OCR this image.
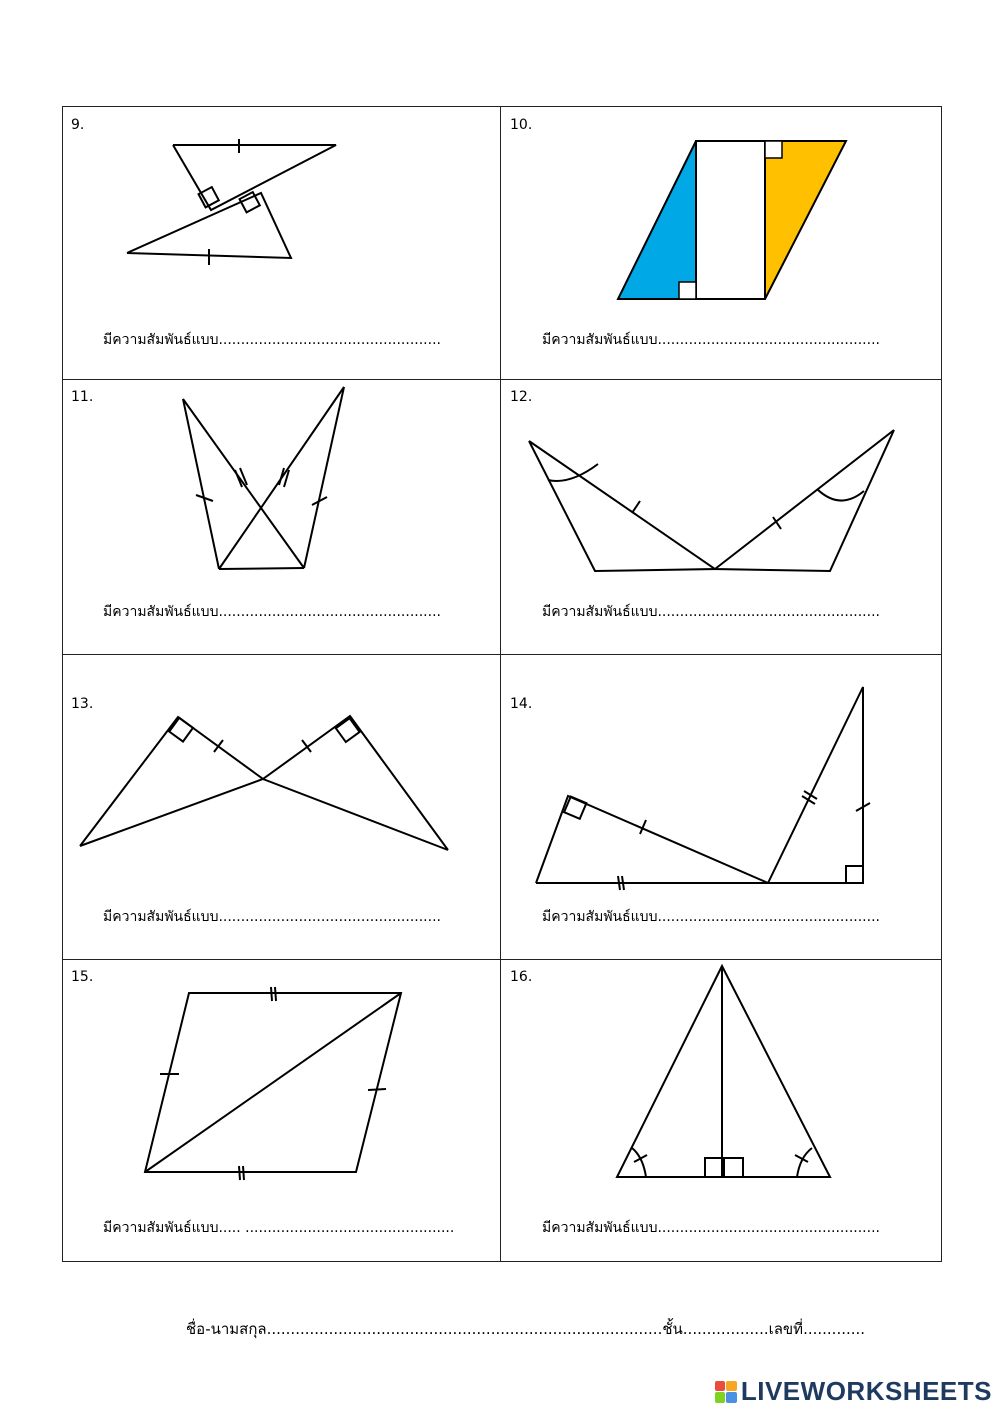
9.
มีความสัมพันธ์แบบ..................................................
10.
มีความสัมพันธ์แบบ..................................................
11.
มีความสัมพันธ์แบบ..................................................
12.
มีความสัมพันธ์แบบ..................................................
13.
มีความสัมพันธ์แบบ..................................................
14.
มีความสัมพันธ์แบบ..................................................
15.
มีความสัมพันธ์แบบ..... ...............................................
16.
มีความสัมพันธ์แบบ..................................................
ชื่อ-นามสกุล...................................................................................ชั้น..................เลขที่.............
LIVEWORKSHEETS
